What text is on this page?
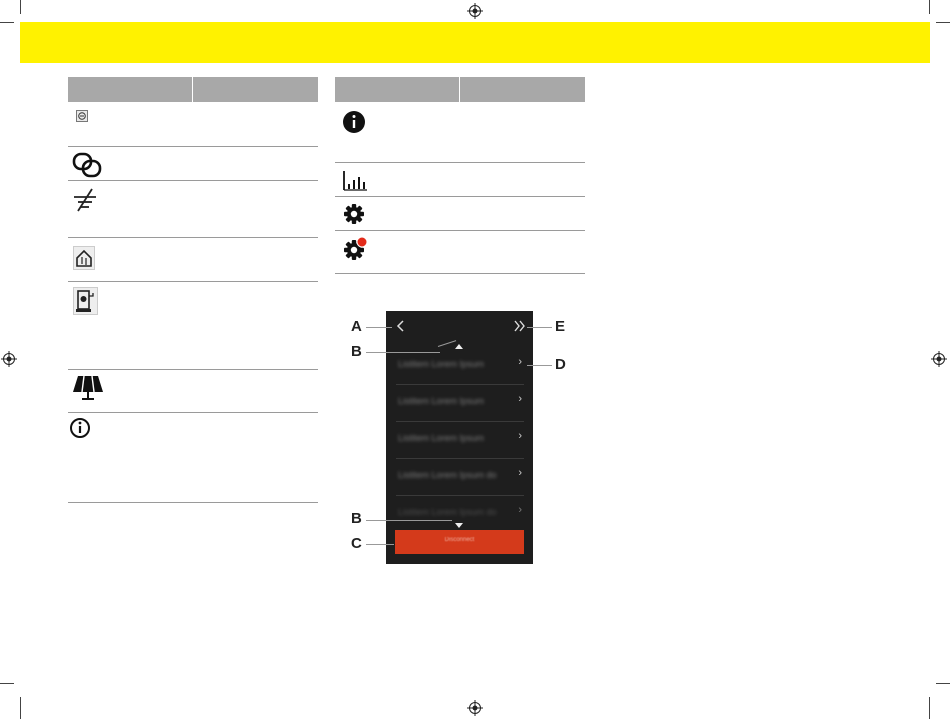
Listitem Lorem Ipsum	›
Listitem Lorem Ipsum	›
Listitem Lorem Ipsum	›
Listitem Lorem Ipsum do ›
Listitem Lorem Ipsum do ›
Disconnect
A
B
B
C
D
E
